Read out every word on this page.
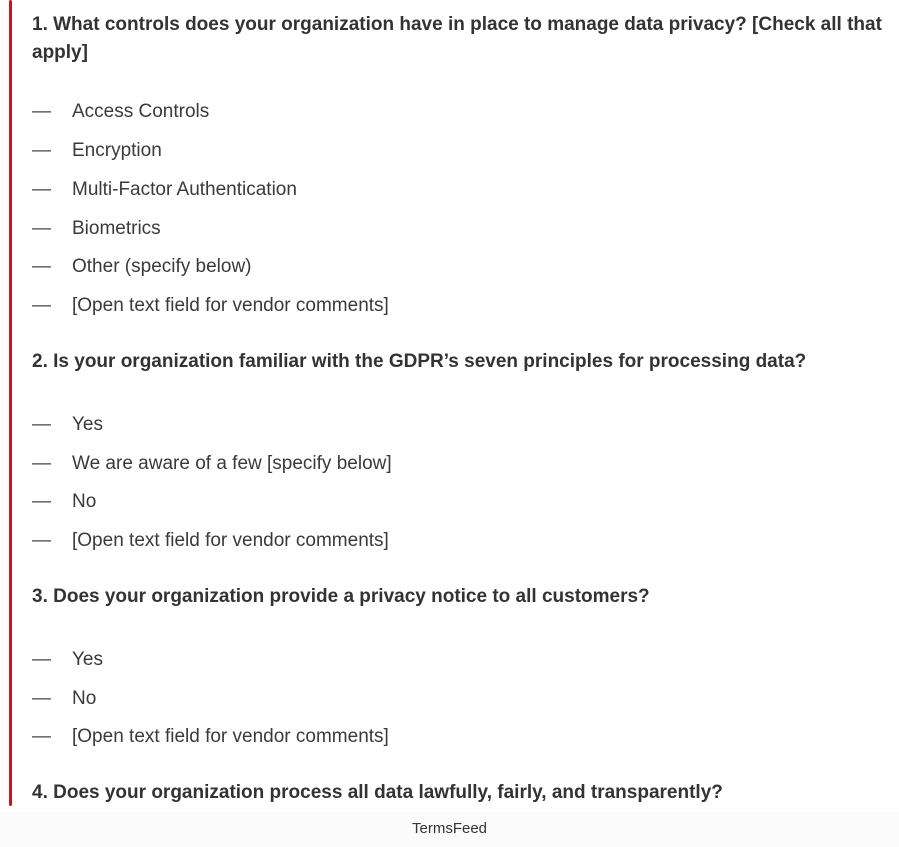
1. What controls does your organization have in place to manage data privacy? [Check all that apply]

—	Access Controls
—	Encryption
—	Multi-Factor Authentication
—	Biometrics
—	Other (specify below)
—	[Open text field for vendor comments]

2. Is your organization familiar with the GDPR’s seven principles for processing data?

—	Yes
—	We are aware of a few [specify below]
—	No
—	[Open text field for vendor comments]

3. Does your organization provide a privacy notice to all customers?

—	Yes
—	No
—	[Open text field for vendor comments]

4. Does your organization process all data lawfully, fairly, and transparently?

TermsFeed
